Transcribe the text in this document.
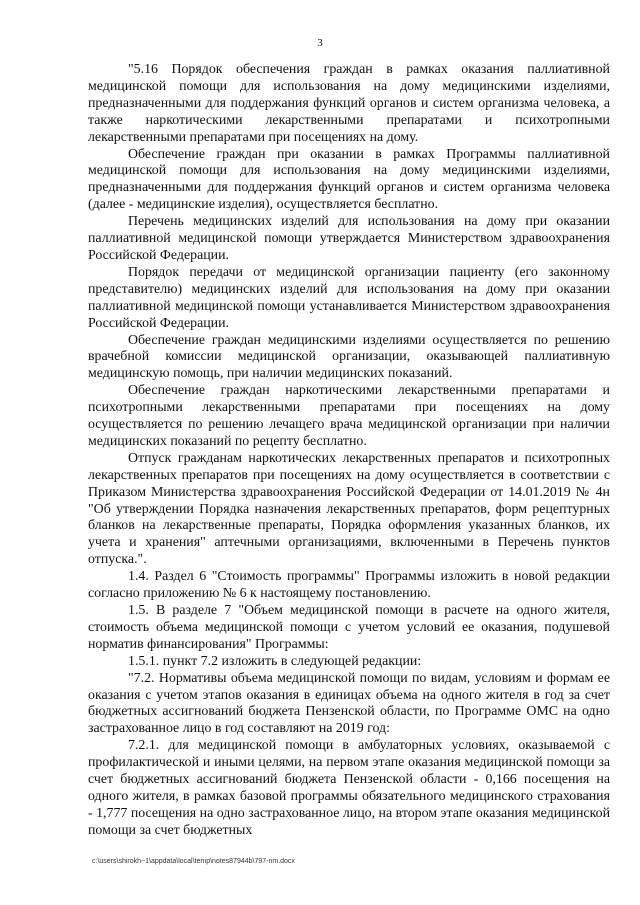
3

"5.16 Порядок обеспечения граждан в рамках оказания паллиативной медицинской помощи для использования на дому медицинскими изделиями, предназначенными для поддержания функций органов и систем организма человека, а также наркотическими лекарственными препаратами и психотропными лекарственными препаратами при посещениях на дому.

Обеспечение граждан при оказании в рамках Программы паллиативной медицинской помощи для использования на дому медицинскими изделиями, предназначенными для поддержания функций органов и систем организма человека (далее - медицинские изделия), осуществляется бесплатно.

Перечень медицинских изделий для использования на дому при оказании паллиативной медицинской помощи утверждается Министерством здравоохранения Российской Федерации.

Порядок передачи от медицинской организации пациенту (его законному представителю) медицинских изделий для использования на дому при оказании паллиативной медицинской помощи устанавливается Министерством здравоохранения Российской Федерации.

Обеспечение граждан медицинскими изделиями осуществляется по решению врачебной комиссии медицинской организации, оказывающей паллиативную медицинскую помощь, при наличии медицинских показаний.

Обеспечение граждан наркотическими лекарственными препаратами и психотропными лекарственными препаратами при посещениях на дому осуществляется по решению лечащего врача медицинской организации при наличии медицинских показаний по рецепту бесплатно.

Отпуск гражданам наркотических лекарственных препаратов и психотропных лекарственных препаратов при посещениях на дому осуществляется в соответствии с Приказом Министерства здравоохранения Российской Федерации от 14.01.2019 № 4н "Об утверждении Порядка назначения лекарственных препаратов, форм рецептурных бланков на лекарственные препараты, Порядка оформления указанных бланков, их учета и хранения" аптечными организациями, включенными в Перечень пунктов отпуска.".

1.4. Раздел 6 "Стоимость программы" Программы изложить в новой редакции согласно приложению № 6 к настоящему постановлению.

1.5. В разделе 7 "Объем медицинской помощи в расчете на одного жителя, стоимость объема медицинской помощи с учетом условий ее оказания, подушевой норматив финансирования" Программы:

1.5.1. пункт 7.2 изложить в следующей редакции:

"7.2. Нормативы объема медицинской помощи по видам, условиям и формам ее оказания с учетом этапов оказания в единицах объема на одного жителя в год за счет бюджетных ассигнований бюджета Пензенской области, по Программе ОМС на одно застрахованное лицо в год составляют на 2019 год:

7.2.1. для медицинской помощи в амбулаторных условиях, оказываемой с профилактической и иными целями, на первом этапе оказания медицинской помощи за счет бюджетных ассигнований бюджета Пензенской области - 0,166 посещения на одного жителя, в рамках базовой программы обязательного медицинского страхования - 1,777 посещения на одно застрахованное лицо, на втором этапе оказания медицинской помощи за счет бюджетных

c:\users\shirokh~1\appdata\local\temp\notes87944b\797-nm.docx
